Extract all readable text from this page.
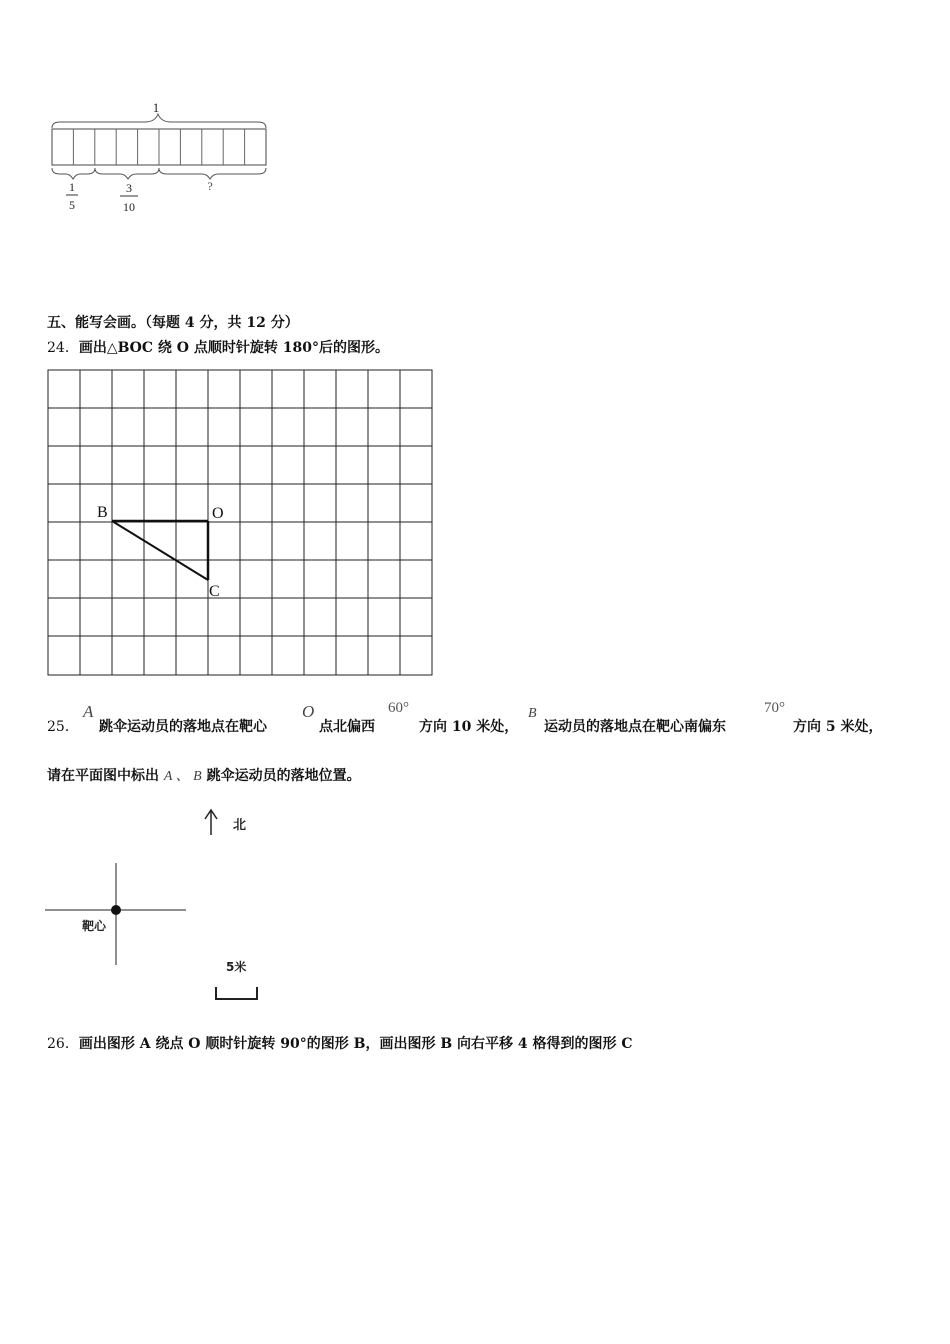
1
1
5
3
10
?
五、能写会画。（每题 4 分，共 12 分）
24．画出△BOC 绕 O 点顺时针旋转 180°后的图形。
B	O
C
25．
A
跳伞运动员的落地点在靶心
O
点北偏西
60°
方向 10 米处，
B
运动员的落地点在靶心南偏东
70°
方向 5 米处，
请在平面图中标出 A 、 B 跳伞运动员的落地位置。
北
靶心
5米
26．画出图形 A 绕点 O 顺时针旋转 90°的图形 B，画出图形 B 向右平移 4 格得到的图形 C
